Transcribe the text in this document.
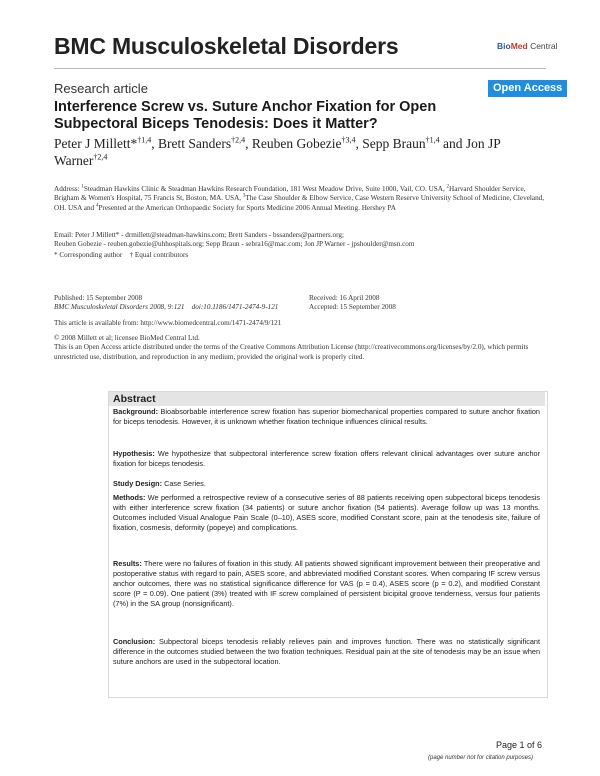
BMC Musculoskeletal Disorders	BioMed Central
Research article	Open Access
Interference Screw vs. Suture Anchor Fixation for Open Subpectoral Biceps Tenodesis: Does it Matter?
Peter J Millett*$^{\dagger 1,4}$, Brett Sanders$^{\dagger 2,4}$, Reuben Gobezie$^{\dagger 3,4}$, Sepp Braun$^{\dagger 1,4}$ and Jon JP Warner$^{\dagger 2,4}$
Address: $^1$Steadman Hawkins Clinic & Steadman Hawkins Research Foundation, 181 West Meadow Drive, Suite 1000, Vail, CO. USA, $^2$Harvard Shoulder Service, Brigham & Women's Hospital, 75 Francis St, Boston, MA. USA, $^3$The Case Shoulder & Elbow Service, Case Western Reserve University School of Medicine, Cleveland, OH. USA and $^4$Presented at the American Orthopaedic Society for Sports Medicine 2006 Annual Meeting. Hershey PA
Email: Peter J Millett* - drmillett@steadman-hawkins.com; Brett Sanders - bssanders@partners.org;
Reuben Gobezie - reuben.gobezie@uhhospitals.org; Sepp Braun - sebra16@mac.com; Jon JP Warner - jpshoulder@msn.com
* Corresponding author    † Equal contributors
Published: 15 September 2008
BMC Musculoskeletal Disorders 2008, 9:121    doi:10.1186/1471-2474-9-121
Received: 16 April 2008
Accepted: 15 September 2008
This article is available from: http://www.biomedcentral.com/1471-2474/9/121
© 2008 Millett et al; licensee BioMed Central Ltd.
This is an Open Access article distributed under the terms of the Creative Commons Attribution License (http://creativecommons.org/licenses/by/2.0), which permits unrestricted use, distribution, and reproduction in any medium, provided the original work is properly cited.
Abstract
Background: Bioabsorbable interference screw fixation has superior biomechanical properties compared to suture anchor fixation for biceps tenodesis. However, it is unknown whether fixation technique influences clinical results.
Hypothesis: We hypothesize that subpectoral interference screw fixation offers relevant clinical advantages over suture anchor fixation for biceps tenodesis.
Study Design: Case Series.
Methods: We performed a retrospective review of a consecutive series of 88 patients receiving open subpectoral biceps tenodesis with either interference screw fixation (34 patients) or suture anchor fixation (54 patients). Average follow up was 13 months. Outcomes included Visual Analogue Pain Scale (0–10), ASES score, modified Constant score, pain at the tenodesis site, failure of fixation, cosmesis, deformity (popeye) and complications.
Results: There were no failures of fixation in this study. All patients showed significant improvement between their preoperative and postoperative status with regard to pain, ASES score, and abbreviated modified Constant scores. When comparing IF screw versus anchor outcomes, there was no statistical significance difference for VAS (p = 0.4), ASES score (p = 0.2), and modified Constant score (P = 0.09). One patient (3%) treated with IF screw complained of persistent bicipital groove tenderness, versus four patients (7%) in the SA group (nonsignificant).
Conclusion: Subpectoral biceps tenodesis reliably relieves pain and improves function. There was no statistically significant difference in the outcomes studied between the two fixation techniques. Residual pain at the site of tenodesis may be an issue when suture anchors are used in the subpectoral location.
Page 1 of 6
(page number not for citation purposes)
